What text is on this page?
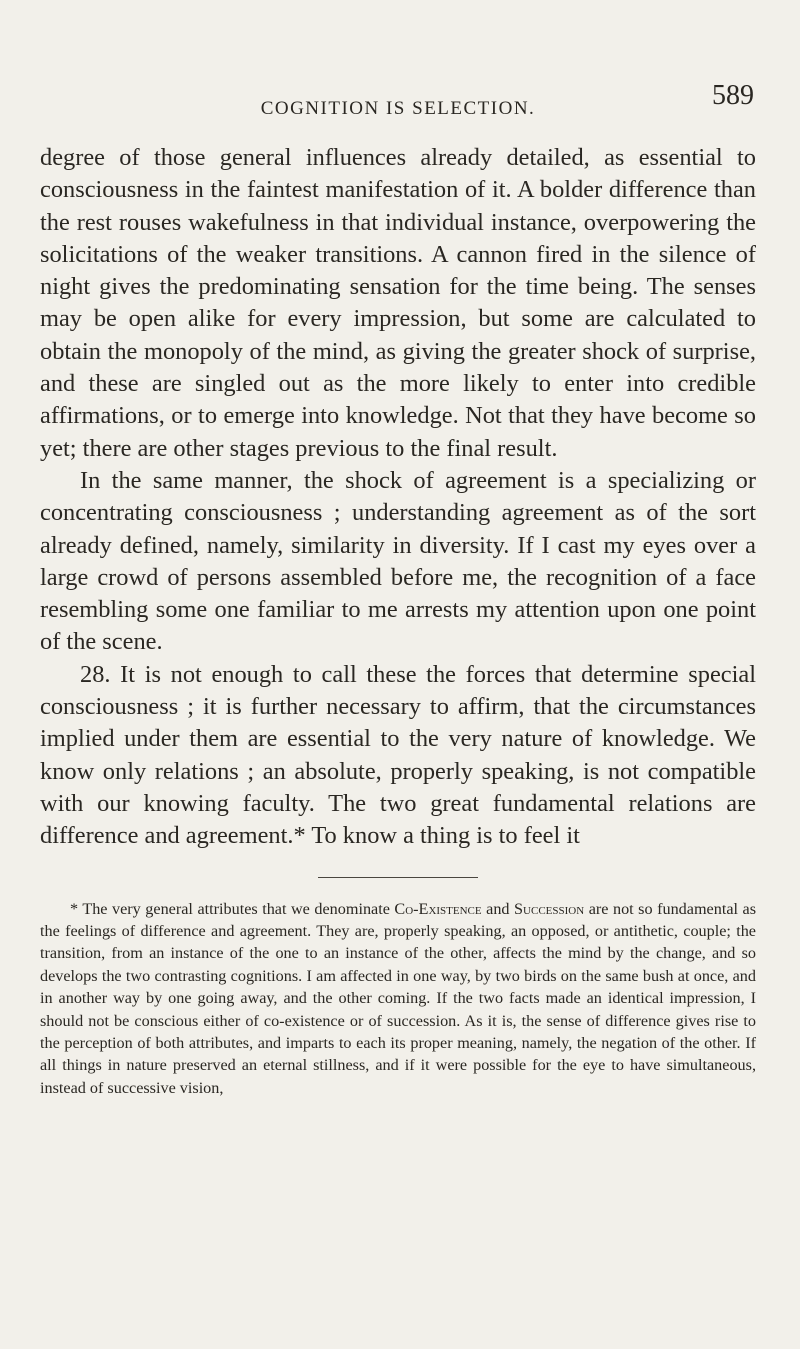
COGNITION IS SELECTION.	589

degree of those general influences already detailed, as essential to consciousness in the faintest manifestation of it. A bolder difference than the rest rouses wakefulness in that individual instance, overpowering the solicitations of the weaker transitions. A cannon fired in the silence of night gives the predominating sensation for the time being. The senses may be open alike for every impression, but some are calculated to obtain the monopoly of the mind, as giving the greater shock of surprise, and these are singled out as the more likely to enter into credible affirmations, or to emerge into knowledge. Not that they have become so yet; there are other stages previous to the final result.

In the same manner, the shock of agreement is a specializing or concentrating consciousness ; understanding agreement as of the sort already defined, namely, similarity in diversity. If I cast my eyes over a large crowd of persons assembled before me, the recognition of a face resembling some one familiar to me arrests my attention upon one point of the scene.

28. It is not enough to call these the forces that determine special consciousness ; it is further necessary to affirm, that the circumstances implied under them are essential to the very nature of knowledge. We know only relations ; an absolute, properly speaking, is not compatible with our knowing faculty. The two great fundamental relations are difference and agreement.* To know a thing is to feel it

* The very general attributes that we denominate Co-Existence and Succession are not so fundamental as the feelings of difference and agreement. They are, properly speaking, an opposed, or antithetic, couple; the transition, from an instance of the one to an instance of the other, affects the mind by the change, and so develops the two contrasting cognitions. I am affected in one way, by two birds on the same bush at once, and in another way by one going away, and the other coming. If the two facts made an identical impression, I should not be conscious either of co-existence or of succession. As it is, the sense of difference gives rise to the perception of both attributes, and imparts to each its proper meaning, namely, the negation of the other. If all things in nature preserved an eternal stillness, and if it were possible for the eye to have simultaneous, instead of successive vision,
